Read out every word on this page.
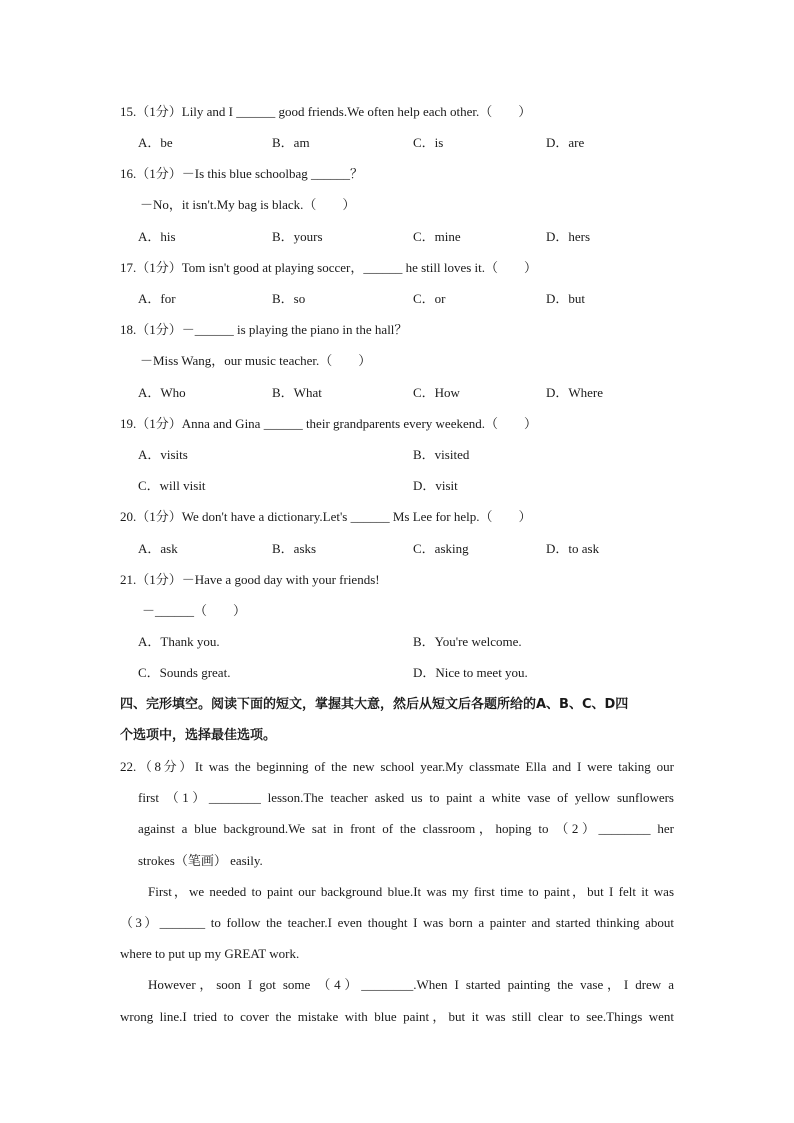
15.（1分）Lily and I ______ good friends.We often help each other.（　　）
A．be	B．am	C．is	D．are
16.（1分）－Is this blue schoolbag ______？
－No，it isn't.My bag is black.（　　）
A．his	B．yours	C．mine	D．hers
17.（1分）Tom isn't good at playing soccer，______ he still loves it.（　　）
A．for	B．so	C．or	D．but
18.（1分）－______ is playing the piano in the hall？
－Miss Wang，our music teacher.（　　）
A．Who	B．What	C．How	D．Where
19.（1分）Anna and Gina ______ their grandparents every weekend.（　　）
A．visits	B．visited
C．will visit	D．visit
20.（1分）We don't have a dictionary.Let's ______ Ms Lee for help.（　　）
A．ask	B．asks	C．asking	D．to ask
21.（1分）－Have a good day with your friends!
－______（　　）
A．Thank you.	B．You're welcome.
C．Sounds great.	D．Nice to meet you.
四、完形填空。阅读下面的短文，掌握其大意，然后从短文后各题所给的A、B、C、D四
个选项中，选择最佳选项。
22.（8分）It was the beginning of the new school year.My classmate Ella and I were taking our
first （1）________ lesson.The teacher asked us to paint a white vase of yellow sunflowers
against a blue background.We sat in front of the classroom，hoping to （2）________ her
strokes（笔画） easily.
First，we needed to paint our background blue.It was my first time to paint，but I felt it was
（3）_______ to follow the teacher.I even thought I was born a painter and started thinking about
where to put up my GREAT work.
However，soon I got some （4）________.When I started painting the vase，I drew a
wrong line.I tried to cover the mistake with blue paint，but it was still clear to see.Things went
